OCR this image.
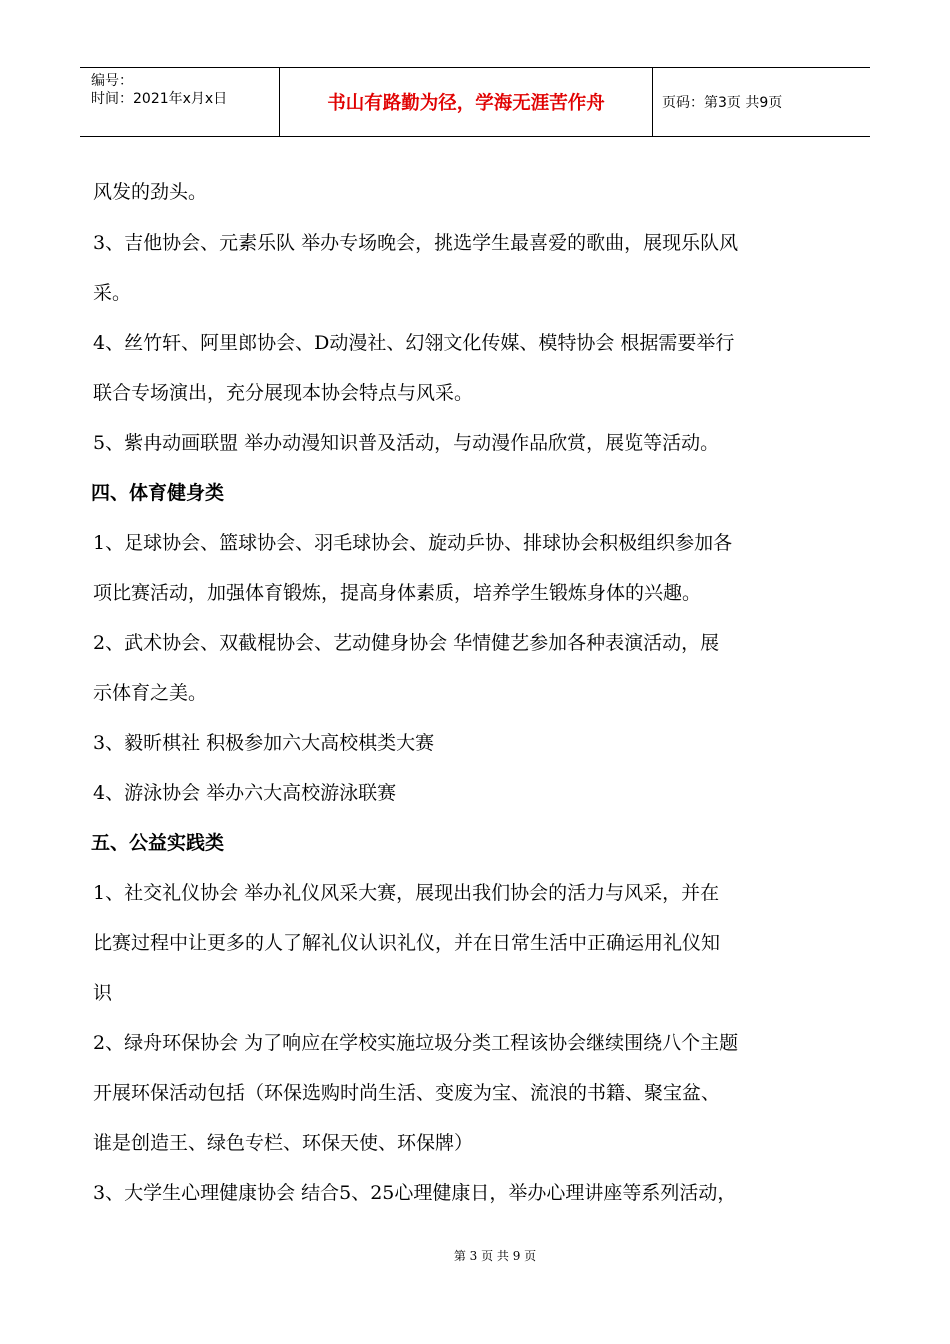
编号：
时间：2021年x月x日	书山有路勤为径，学海无涯苦作舟	页码：第3页 共9页
风发的劲头。
3、吉他协会、元素乐队 举办专场晚会，挑选学生最喜爱的歌曲，展现乐队风
采。
4、丝竹轩、阿里郎协会、D动漫社、幻翎文化传媒、模特协会 根据需要举行
联合专场演出，充分展现本协会特点与风采。
5、紫冉动画联盟 举办动漫知识普及活动，与动漫作品欣赏，展览等活动。
四、体育健身类
1、足球协会、篮球协会、羽毛球协会、旋动乒协、排球协会积极组织参加各
项比赛活动，加强体育锻炼，提高身体素质，培养学生锻炼身体的兴趣。
2、武术协会、双截棍协会、艺动健身协会 华情健艺参加各种表演活动，展
示体育之美。
3、毅昕棋社 积极参加六大高校棋类大赛
4、游泳协会 举办六大高校游泳联赛
五、公益实践类
1、社交礼仪协会 举办礼仪风采大赛，展现出我们协会的活力与风采，并在
比赛过程中让更多的人了解礼仪认识礼仪，并在日常生活中正确运用礼仪知
识
2、绿舟环保协会 为了响应在学校实施垃圾分类工程该协会继续围绕八个主题
开展环保活动包括（环保选购时尚生活、变废为宝、流浪的书籍、聚宝盆、
谁是创造王、绿色专栏、环保天使、环保牌）
3、大学生心理健康协会 结合5、25心理健康日，举办心理讲座等系列活动，
第 3 页 共 9 页
